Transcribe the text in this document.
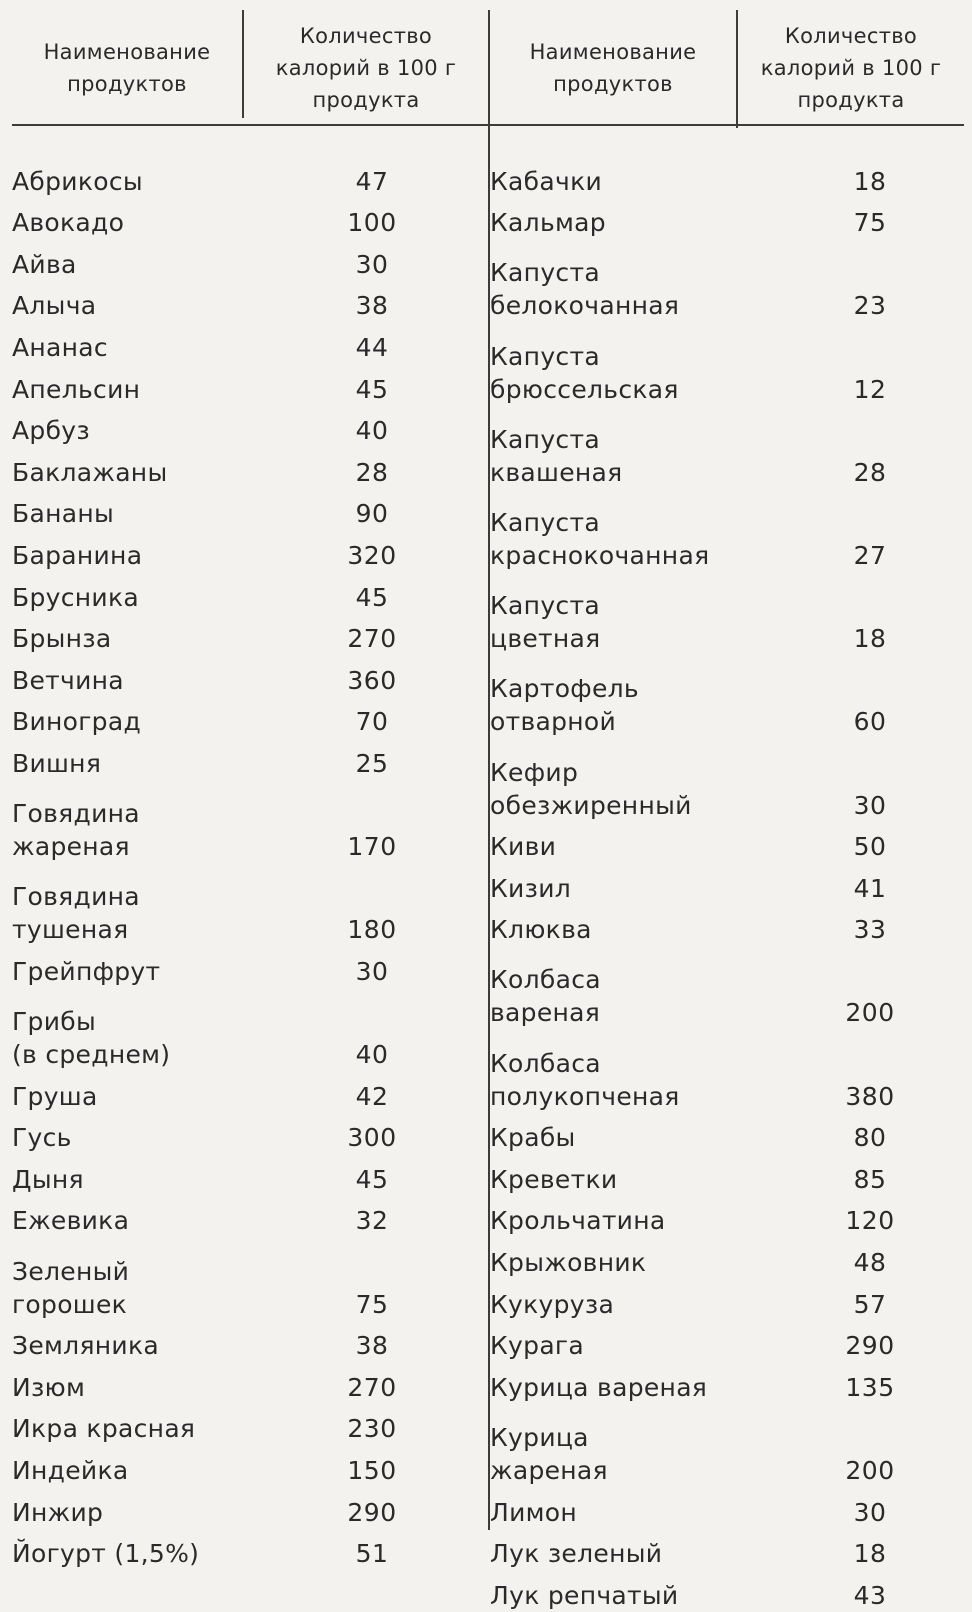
Наименование
продуктов
Количество
калорий в 100 г
продукта
Абрикосы	47
Авокадо	100
Айва	30
Алыча	38
Ананас	44
Апельсин	45
Арбуз	40
Баклажаны	28
Бананы	90
Баранина	320
Брусника	45
Брынза	270
Ветчина	360
Виноград	70
Вишня	25
Говядина
жареная	170
Говядина
тушеная	180
Грейпфрут	30
Грибы
(в среднем)	40
Груша	42
Гусь	300
Дыня	45
Ежевика	32
Зеленый
горошек	75
Земляника	38
Изюм	270
Икра красная	230
Индейка	150
Инжир	290
Йогурт (1,5%)	51
Наименование
продуктов
Количество
калорий в 100 г
продукта
Кабачки	18
Кальмар	75
Капуста
белокочанная	23
Капуста
брюссельская	12
Капуста
квашеная	28
Капуста
краснокочанная	27
Капуста
цветная	18
Картофель
отварной	60
Кефир
обезжиренный	30
Киви	50
Кизил	41
Клюква	33
Колбаса
вареная	200
Колбаса
полукопченая	380
Крабы	80
Креветки	85
Крольчатина	120
Крыжовник	48
Кукуруза	57
Курага	290
Курица вареная	135
Курица
жареная	200
Лимон	30
Лук зеленый	18
Лук репчатый	43
